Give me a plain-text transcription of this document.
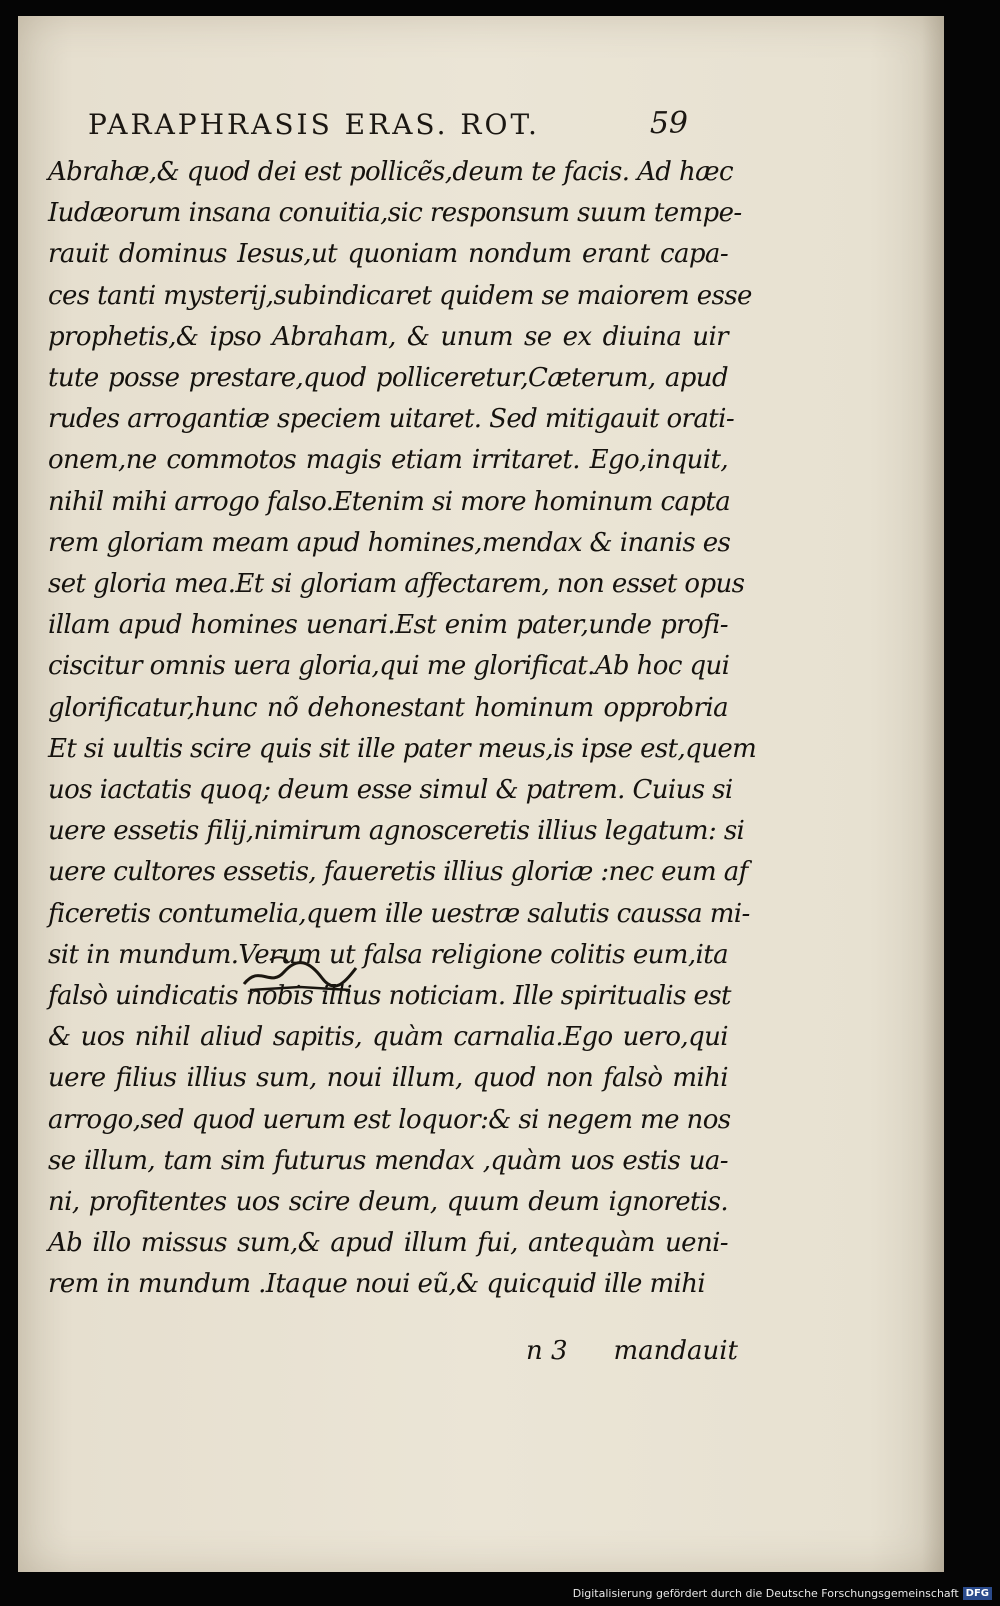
PARAPHRASIS ERAS. ROT.	59
Abrahæ,& quod dei est pollicẽs,deum te facis. Ad hæc
Iudæorum insana conuitia,sic responsum suum tempe-
rauit dominus Iesus,ut quoniam nondum erant capa-
ces tanti mysterij,subindicaret quidem se maiorem esse
prophetis,& ipso Abraham, & unum se ex diuina uir
tute posse prestare,quod polliceretur,Cæterum, apud
rudes arrogantiæ speciem uitaret. Sed mitigauit orati-
onem,ne commotos magis etiam irritaret. Ego,inquit,
nihil mihi arrogo falso.Etenim si more hominum capta
rem gloriam meam apud homines,mendax & inanis es
set gloria mea.Et si gloriam affectarem, non esset opus
illam apud homines uenari.Est enim pater,unde profi-
ciscitur omnis uera gloria,qui me glorificat.Ab hoc qui
glorificatur,hunc nõ dehonestant hominum opprobria
Et si uultis scire quis sit ille pater meus,is ipse est,quem
uos iactatis quoq; deum esse simul & patrem. Cuius si
uere essetis filij,nimirum agnosceretis illius legatum: si
uere cultores essetis, faueretis illius gloriæ :nec eum af
ficeretis contumelia,quem ille uestræ salutis caussa mi-
sit in mundum.Verum ut falsa religione colitis eum,ita
falsò uindicatis nobis illius noticiam. Ille spiritualis est
& uos nihil aliud sapitis, quàm carnalia.Ego uero,qui
uere filius illius sum, noui illum, quod non falsò mihi
arrogo,sed quod uerum est loquor:& si negem me nos
se illum, tam sim futurus mendax ,quàm uos estis ua-
ni, profitentes uos scire deum, quum deum ignoretis.
Ab illo missus sum,& apud illum fui, antequàm ueni-
rem in mundum .Itaque noui eũ,& quicquid ille mihi
n 3 mandauit
Digitalisierung gefördert durch die Deutsche Forschungsgemeinschaft DFG
